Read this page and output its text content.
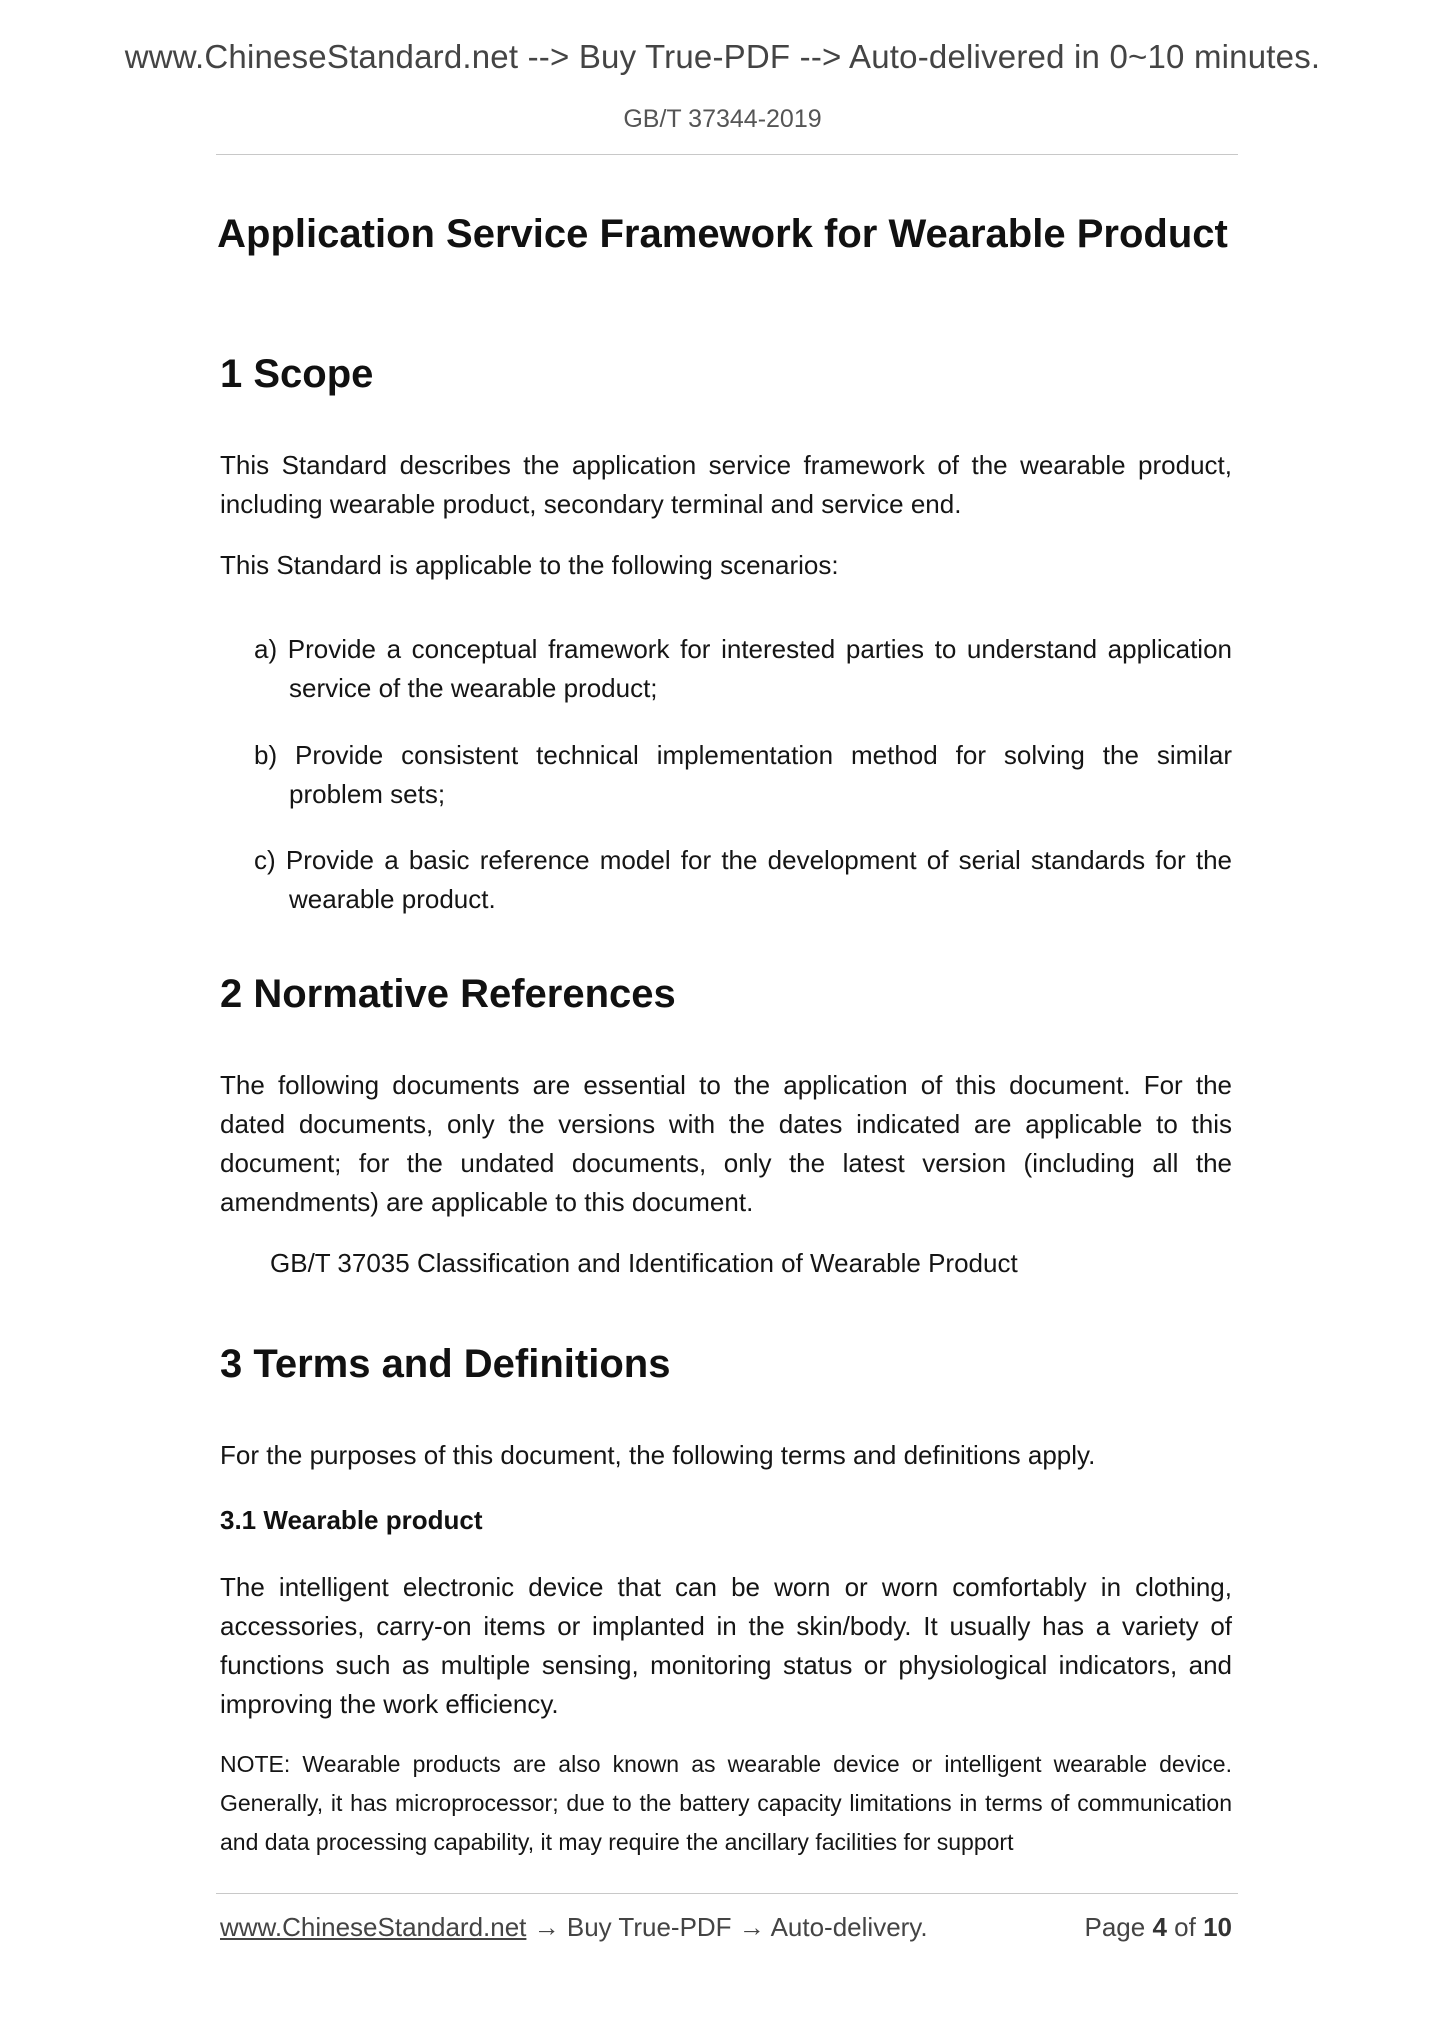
www.ChineseStandard.net --> Buy True-PDF --> Auto-delivered in 0~10 minutes.
GB/T 37344-2019
Application Service Framework for Wearable Product
1 Scope

This Standard describes the application service framework of the wearable product, including wearable product, secondary terminal and service end.

This Standard is applicable to the following scenarios:

a) Provide a conceptual framework for interested parties to understand application service of the wearable product;

b) Provide consistent technical implementation method for solving the similar problem sets;

c) Provide a basic reference model for the development of serial standards for the wearable product.

2 Normative References

The following documents are essential to the application of this document. For the dated documents, only the versions with the dates indicated are applicable to this document; for the undated documents, only the latest version (including all the amendments) are applicable to this document.

GB/T 37035 Classification and Identification of Wearable Product
3 Terms and Definitions

For the purposes of this document, the following terms and definitions apply.

3.1 Wearable product

The intelligent electronic device that can be worn or worn comfortably in clothing, accessories, carry-on items or implanted in the skin/body. It usually has a variety of functions such as multiple sensing, monitoring status or physiological indicators, and improving the work efficiency.

NOTE: Wearable products are also known as wearable device or intelligent wearable device. Generally, it has microprocessor; due to the battery capacity limitations in terms of communication and data processing capability, it may require the ancillary facilities for support

www.ChineseStandard.net → Buy True-PDF → Auto-delivery.	Page 4 of 10
